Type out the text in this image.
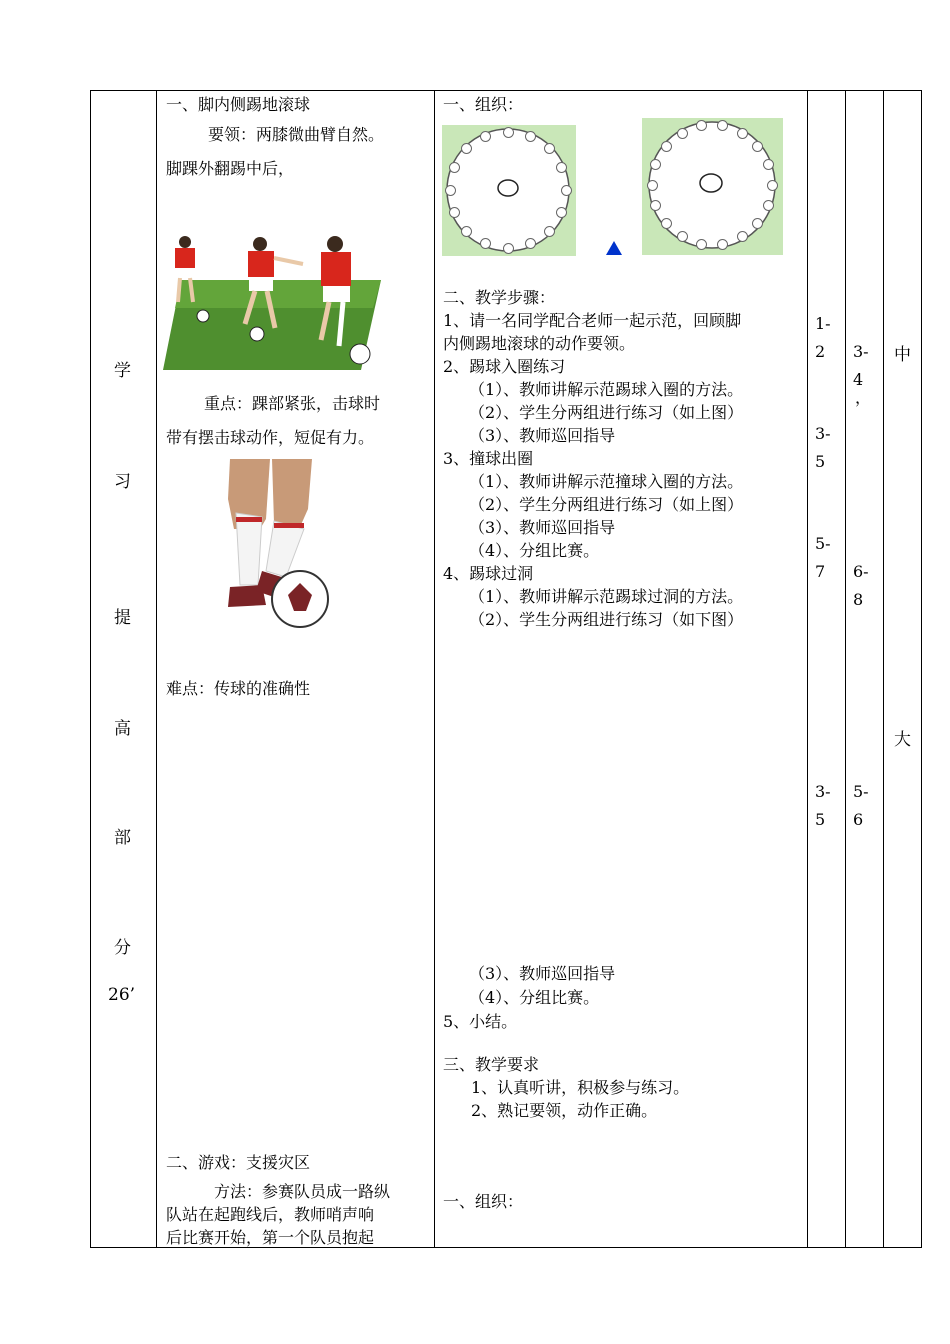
学
习
提
高
部
分
26’
一、脚内侧踢地滚球
要领：两膝微曲臂自然。
脚踝外翻踢中后，
重点：踝部紧张，击球时
带有摆击球动作，短促有力。
难点：传球的准确性
二、游戏：支援灾区
方法：参赛队员成一路纵
队站在起跑线后，教师哨声响
后比赛开始，第一个队员抱起
一、组织：
二、教学步骤：
1、请一名同学配合老师一起示范，回顾脚
内侧踢地滚球的动作要领。
2、踢球入圈练习
（1）、教师讲解示范踢球入圈的方法。
（2）、学生分两组进行练习（如上图）
（3）、教师巡回指导
3、撞球出圈
（1）、教师讲解示范撞球入圈的方法。
（2）、学生分两组进行练习（如上图）
（3）、教师巡回指导
（4）、分组比赛。
4、踢球过洞
（1）、教师讲解示范踢球过洞的方法。
（2）、学生分两组进行练习（如下图）
（3）、教师巡回指导
（4）、分组比赛。
5、小结。
三、教学要求
1、认真听讲，积极参与练习。
2、熟记要领，动作正确。
一、组织：
1-
2
3-
5
5-
7
3-
5
3-
4
，
6-
8
5-
6
中
大
